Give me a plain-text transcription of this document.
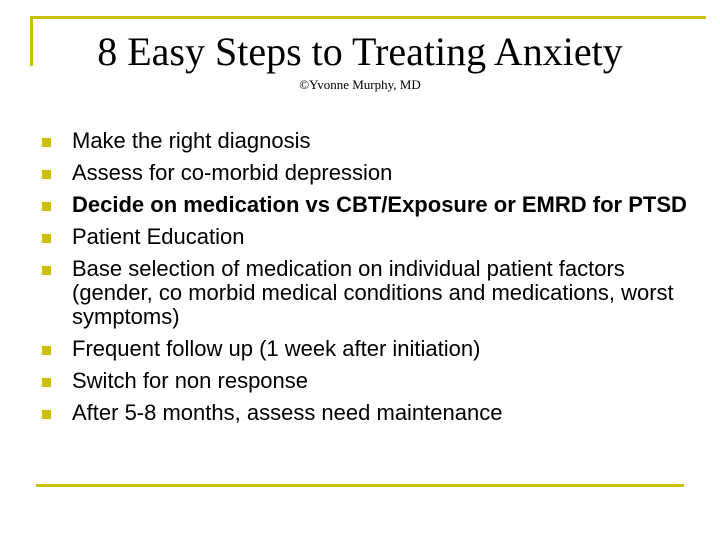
8 Easy Steps to Treating Anxiety
©Yvonne Murphy, MD
Make the right diagnosis
Assess for co-morbid depression
Decide on medication vs CBT/Exposure or EMRD for PTSD
Patient Education
Base selection of medication on individual patient factors (gender, co morbid medical conditions and medications, worst symptoms)
Frequent follow up (1 week after initiation)
Switch for non response
After 5-8 months, assess need maintenance
